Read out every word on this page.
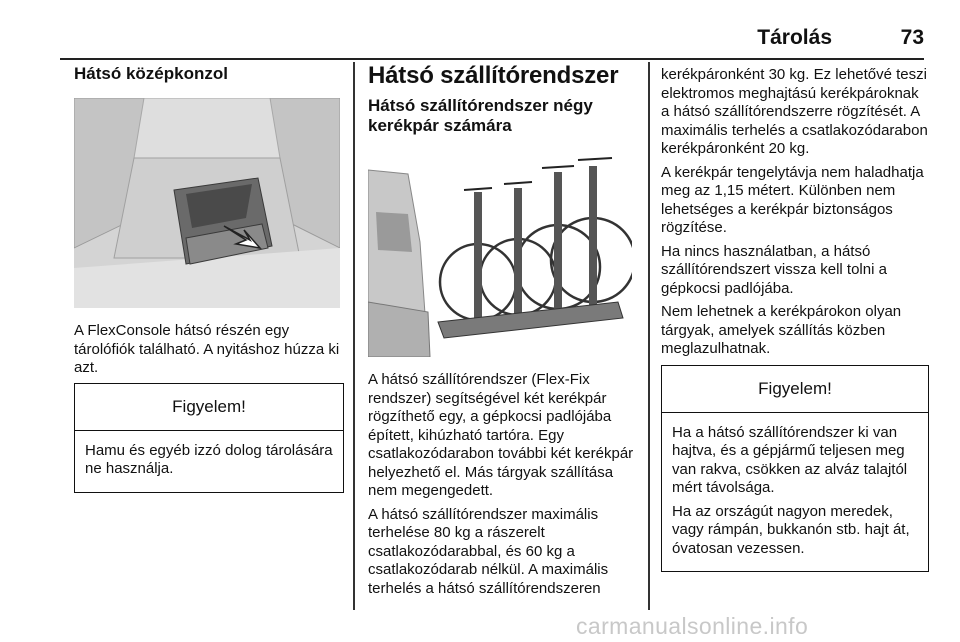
Tárolás	73
Hátsó középkonzol

A FlexConsole hátsó részén egy tárolófiók található. A nyitáshoz húzza ki azt.

Figyelem!

Hamu és egyéb izzó dolog tárolására ne használja.

Hátsó szállítórendszer
Hátsó szállítórendszer négy kerékpár számára

A hátsó szállítórendszer (Flex-Fix rendszer) segítségével két kerékpár rögzíthető egy, a gépkocsi padlójába épített, kihúzható tartóra. Egy csatlakozódarabon további két kerékpár helyezhető el. Más tárgyak szállítása nem megengedett.

A hátsó szállítórendszer maximális terhelése 80 kg a rászerelt csatlakozódarabbal, és 60 kg a csatlakozódarab nélkül. A maximális terhelés a hátsó szállítórendszeren

kerékpáronként 30 kg. Ez lehetővé teszi elektromos meghajtású kerékpároknak a hátsó szállítórendszerre rögzítését. A maximális terhelés a csatlakozódarabon kerékpáronként 20 kg.

A kerékpár tengelytávja nem haladhatja meg az 1,15 métert. Különben nem lehetséges a kerékpár biztonságos rögzítése.

Ha nincs használatban, a hátsó szállítórendszert vissza kell tolni a gépkocsi padlójába.

Nem lehetnek a kerékpárokon olyan tárgyak, amelyek szállítás közben meglazulhatnak.

Figyelem!

Ha a hátsó szállítórendszer ki van hajtva, és a gépjármű teljesen meg van rakva, csökken az alváz talajtól mért távolsága.

Ha az országút nagyon meredek, vagy rámpán, bukkanón stb. hajt át, óvatosan vezessen.

carmanualsonline.info
